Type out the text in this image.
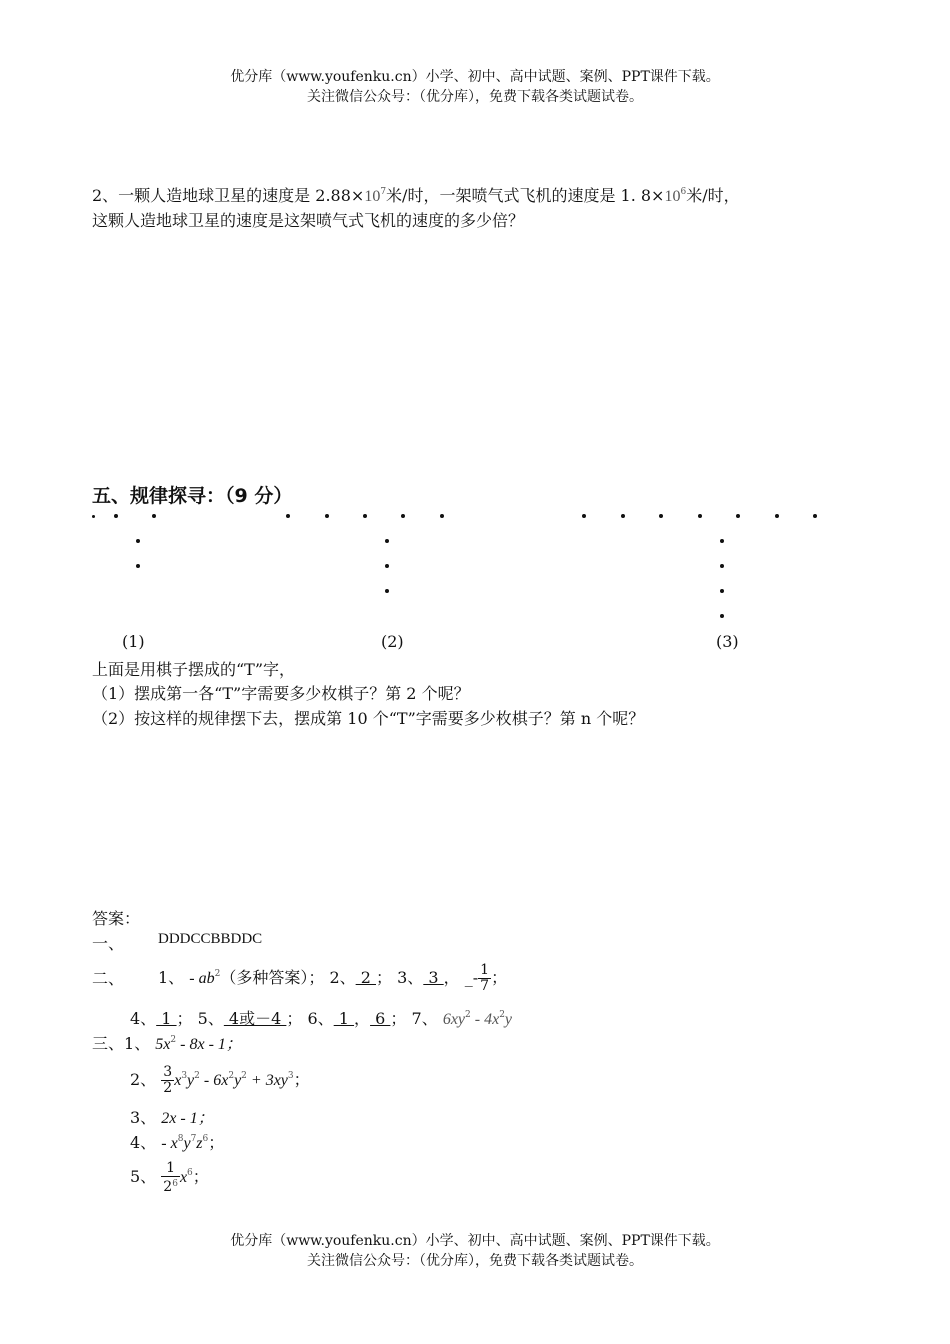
优分库（www.youfenku.cn）小学、初中、高中试题、案例、PPT课件下载。
关注微信公众号：（优分库），免费下载各类试题试卷。
2、一颗人造地球卫星的速度是 $2.88\times 10^7$米/时，一架喷气式飞机的速度是 1. $8\times 10^6$米/时，
这颗人造地球卫星的速度是这架喷气式飞机的速度的多少倍？
五、规律探寻：（9 分）
(1)	(2)	(3)
上面是用棋子摆成的“T”字，
（1）摆成第一各“T”字需要多少枚棋子？第 2 个呢？
（2）按这样的规律摆下去，摆成第 10 个“T”字需要多少枚棋子？第 n 个呢？
答案：
一、 DDDCCBBDDC
二、 1、 - $ab^2$（多种答案）； 2、 2 ； 3、 3 ， _- $\frac{1}{7}$ ；
4、 1 ； 5、 4或－4 ； 6、 1 ， 6 ； 7、 $6xy^2 - 4x^2y$
三、1、 $5x^2 - 8x - 1$；
2、 $\frac{3}{2} x^3y^2 - 6x^2y^2 + 3xy^3$；
3、 2x - 1；
4、 - $x^8y^7z^6$；
5、 $\frac{1}{2^6} x^6$；
优分库（www.youfenku.cn）小学、初中、高中试题、案例、PPT课件下载。
关注微信公众号：（优分库），免费下载各类试题试卷。
